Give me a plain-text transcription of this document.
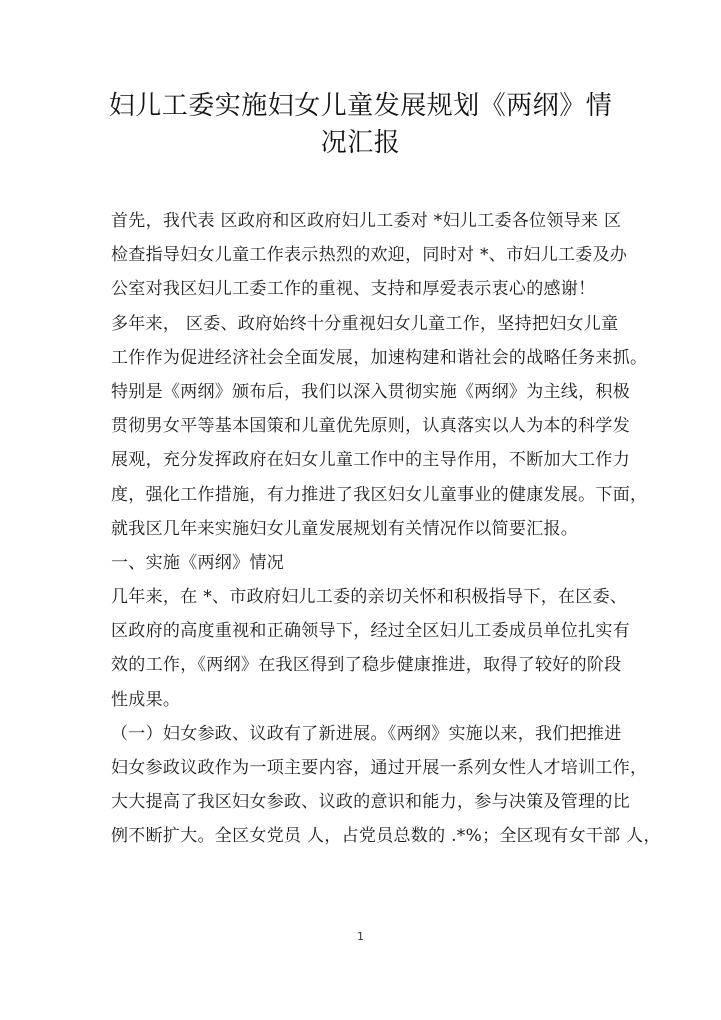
妇儿工委实施妇女儿童发展规划《两纲》情
况汇报
首先，我代表 区政府和区政府妇儿工委对 *妇儿工委各位领导来 区
检查指导妇女儿童工作表示热烈的欢迎，同时对 *、市妇儿工委及办
公室对我区妇儿工委工作的重视、支持和厚爱表示衷心的感谢！
多年来， 区委、政府始终十分重视妇女儿童工作，坚持把妇女儿童
工作作为促进经济社会全面发展，加速构建和谐社会的战略任务来抓。
特别是《两纲》颁布后，我们以深入贯彻实施《两纲》为主线，积极
贯彻男女平等基本国策和儿童优先原则，认真落实以人为本的科学发
展观，充分发挥政府在妇女儿童工作中的主导作用，不断加大工作力
度，强化工作措施，有力推进了我区妇女儿童事业的健康发展。下面，
就我区几年来实施妇女儿童发展规划有关情况作以简要汇报。
一、实施《两纲》情况
几年来，在 *、市政府妇儿工委的亲切关怀和积极指导下，在区委、
区政府的高度重视和正确领导下，经过全区妇儿工委成员单位扎实有
效的工作，《两纲》在我区得到了稳步健康推进，取得了较好的阶段
性成果。
（一）妇女参政、议政有了新进展。《两纲》实施以来，我们把推进
妇女参政议政作为一项主要内容，通过开展一系列女性人才培训工作，
大大提高了我区妇女参政、议政的意识和能力，参与决策及管理的比
例不断扩大。全区女党员 人，占党员总数的 .*%；全区现有女干部 人，
1
